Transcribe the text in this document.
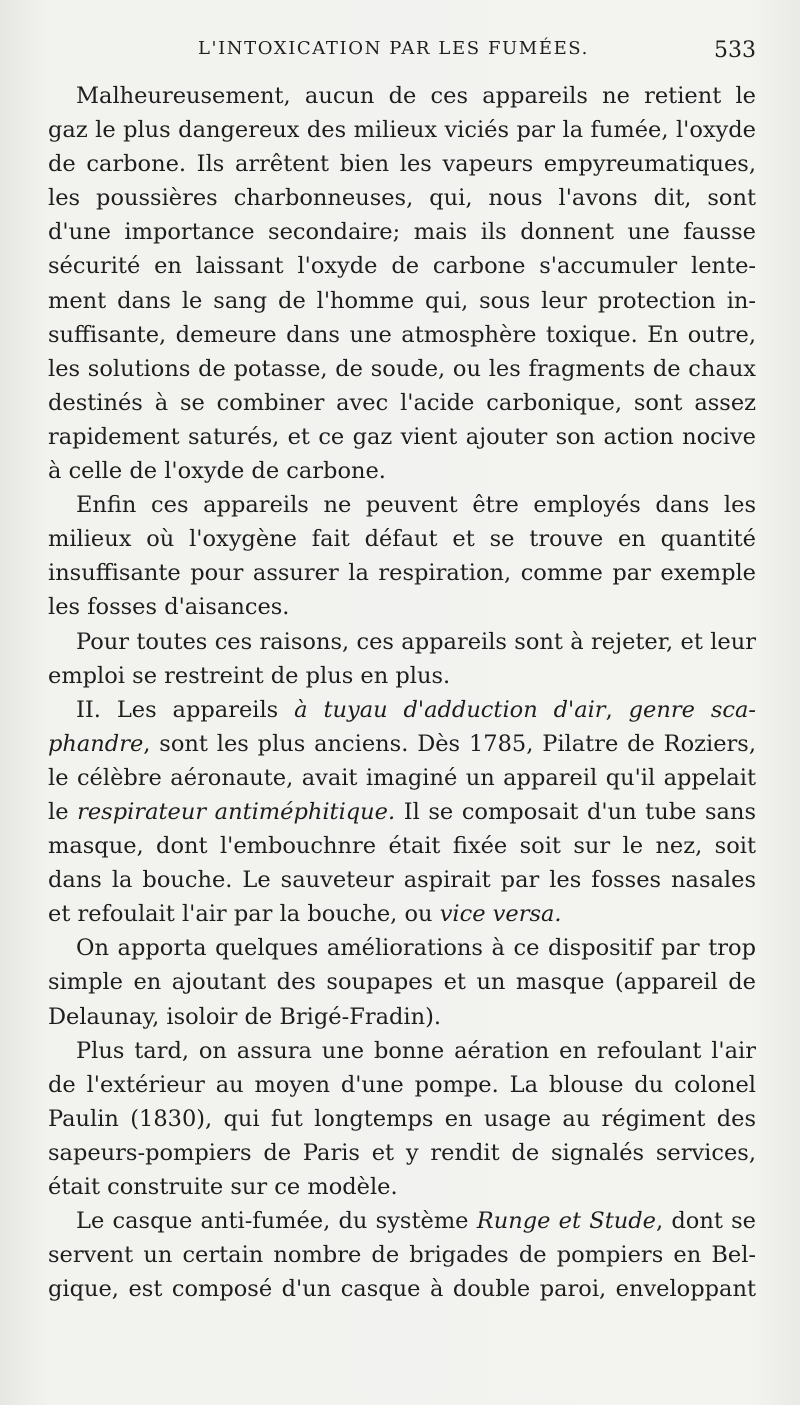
L'INTOXICATION PAR LES FUMÉES.	533
Malheureusement, aucun de ces appareils ne retient le
gaz le plus dangereux des milieux viciés par la fumée, l'oxyde
de carbone. Ils arrêtent bien les vapeurs empyreumatiques,
les poussières charbonneuses, qui, nous l'avons dit, sont
d'une importance secondaire; mais ils donnent une fausse
sécurité en laissant l'oxyde de carbone s'accumuler lente-
ment dans le sang de l'homme qui, sous leur protection in-
suffisante, demeure dans une atmosphère toxique. En outre,
les solutions de potasse, de soude, ou les fragments de chaux
destinés à se combiner avec l'acide carbonique, sont assez
rapidement saturés, et ce gaz vient ajouter son action nocive
à celle de l'oxyde de carbone.
Enfin ces appareils ne peuvent être employés dans les
milieux où l'oxygène fait défaut et se trouve en quantité
insuffisante pour assurer la respiration, comme par exemple
les fosses d'aisances.
Pour toutes ces raisons, ces appareils sont à rejeter, et leur
emploi se restreint de plus en plus.
II. Les appareils à tuyau d'adduction d'air, genre sca-
phandre, sont les plus anciens. Dès 1785, Pilatre de Roziers,
le célèbre aéronaute, avait imaginé un appareil qu'il appelait
le respirateur antiméphitique. Il se composait d'un tube sans
masque, dont l'embouchnre était fixée soit sur le nez, soit
dans la bouche. Le sauveteur aspirait par les fosses nasales
et refoulait l'air par la bouche, ou vice versa.
On apporta quelques améliorations à ce dispositif par trop
simple en ajoutant des soupapes et un masque (appareil de
Delaunay, isoloir de Brigé-Fradin).
Plus tard, on assura une bonne aération en refoulant l'air
de l'extérieur au moyen d'une pompe. La blouse du colonel
Paulin (1830), qui fut longtemps en usage au régiment des
sapeurs-pompiers de Paris et y rendit de signalés services,
était construite sur ce modèle.
Le casque anti-fumée, du système Runge et Stude, dont se
servent un certain nombre de brigades de pompiers en Bel-
gique, est composé d'un casque à double paroi, enveloppant
